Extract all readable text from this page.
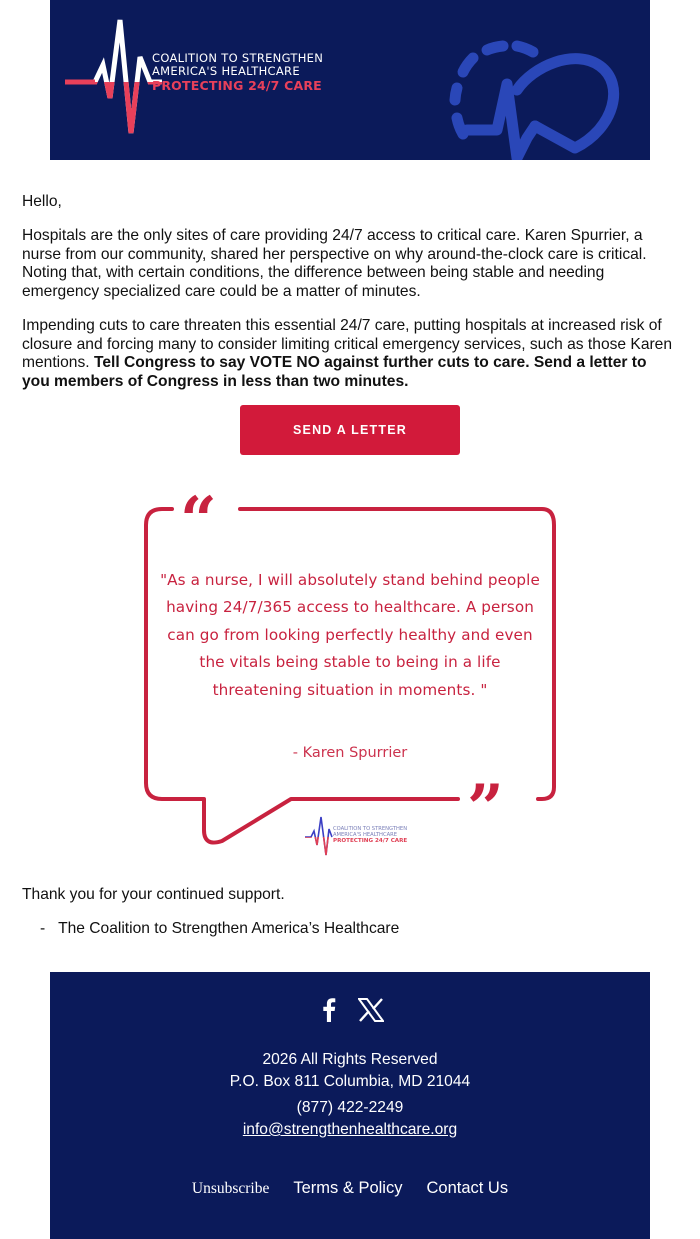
COALITION TO STRENGTHEN
AMERICA'S HEALTHCARE
PROTECTING 24/7 CARE

Hello,

Hospitals are the only sites of care providing 24/7 access to critical care. Karen Spurrier, a nurse from our community, shared her perspective on why around-the-clock care is critical. Noting that, with certain conditions, the difference between being stable and needing emergency specialized care could be a matter of minutes.

Impending cuts to care threaten this essential 24/7 care, putting hospitals at increased risk of closure and forcing many to consider limiting critical emergency services, such as those Karen mentions. Tell Congress to say VOTE NO against further cuts to care. Send a letter to you members of Congress in less than two minutes.

SEND A LETTER
“
”

"As a nurse, I will absolutely stand behind people having 24/7/365 access to healthcare. A person can go from looking perfectly healthy and even the vitals being stable to being in a life threatening situation in moments. "

- Karen Spurrier

COALITION TO STRENGTHEN
AMERICA'S HEALTHCARE
PROTECTING 24/7 CARE

Thank you for your continued support.

- The Coalition to Strengthen America’s Healthcare

2026 All Rights Reserved
P.O. Box 811 Columbia, MD 21044
(877) 422-2249
info@strengthenhealthcare.org
Unsubscribe Terms & Policy Contact Us
